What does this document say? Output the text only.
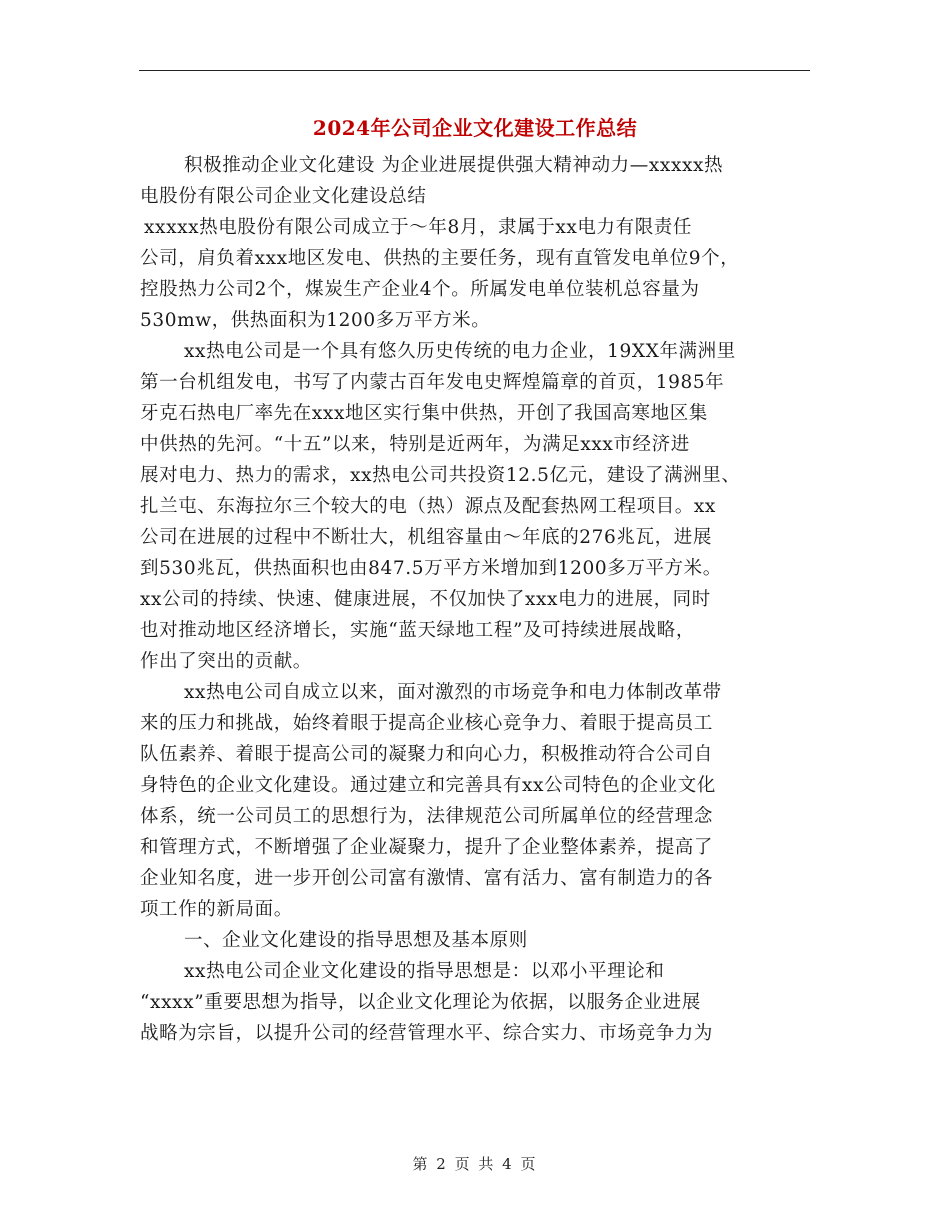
2024年公司企业文化建设工作总结
积极推动企业文化建设 为企业进展提供强大精神动力—xxxxx热
电股份有限公司企业文化建设总结
xxxxx热电股份有限公司成立于～年8月，隶属于xx电力有限责任
公司，肩负着xxx地区发电、供热的主要任务，现有直管发电单位9个，
控股热力公司2个，煤炭生产企业4个。所属发电单位装机总容量为
530mw，供热面积为1200多万平方米。
xx热电公司是一个具有悠久历史传统的电力企业，19XX年满洲里
第一台机组发电，书写了内蒙古百年发电史辉煌篇章的首页，1985年
牙克石热电厂率先在xxx地区实行集中供热，开创了我国高寒地区集
中供热的先河。“十五”以来，特别是近两年，为满足xxx市经济进
展对电力、热力的需求，xx热电公司共投资12.5亿元，建设了满洲里、
扎兰屯、东海拉尔三个较大的电（热）源点及配套热网工程项目。xx
公司在进展的过程中不断壮大，机组容量由～年底的276兆瓦，进展
到530兆瓦，供热面积也由847.5万平方米增加到1200多万平方米。
xx公司的持续、快速、健康进展，不仅加快了xxx电力的进展，同时
也对推动地区经济增长，实施“蓝天绿地工程”及可持续进展战略，
作出了突出的贡献。
xx热电公司自成立以来，面对激烈的市场竞争和电力体制改革带
来的压力和挑战，始终着眼于提高企业核心竞争力、着眼于提高员工
队伍素养、着眼于提高公司的凝聚力和向心力，积极推动符合公司自
身特色的企业文化建设。通过建立和完善具有xx公司特色的企业文化
体系，统一公司员工的思想行为，法律规范公司所属单位的经营理念
和管理方式，不断增强了企业凝聚力，提升了企业整体素养，提高了
企业知名度，进一步开创公司富有激情、富有活力、富有制造力的各
项工作的新局面。
一、企业文化建设的指导思想及基本原则
xx热电公司企业文化建设的指导思想是：以邓小平理论和
“xxxx”重要思想为指导，以企业文化理论为依据，以服务企业进展
战略为宗旨，以提升公司的经营管理水平、综合实力、市场竞争力为
第 2 页 共 4 页
